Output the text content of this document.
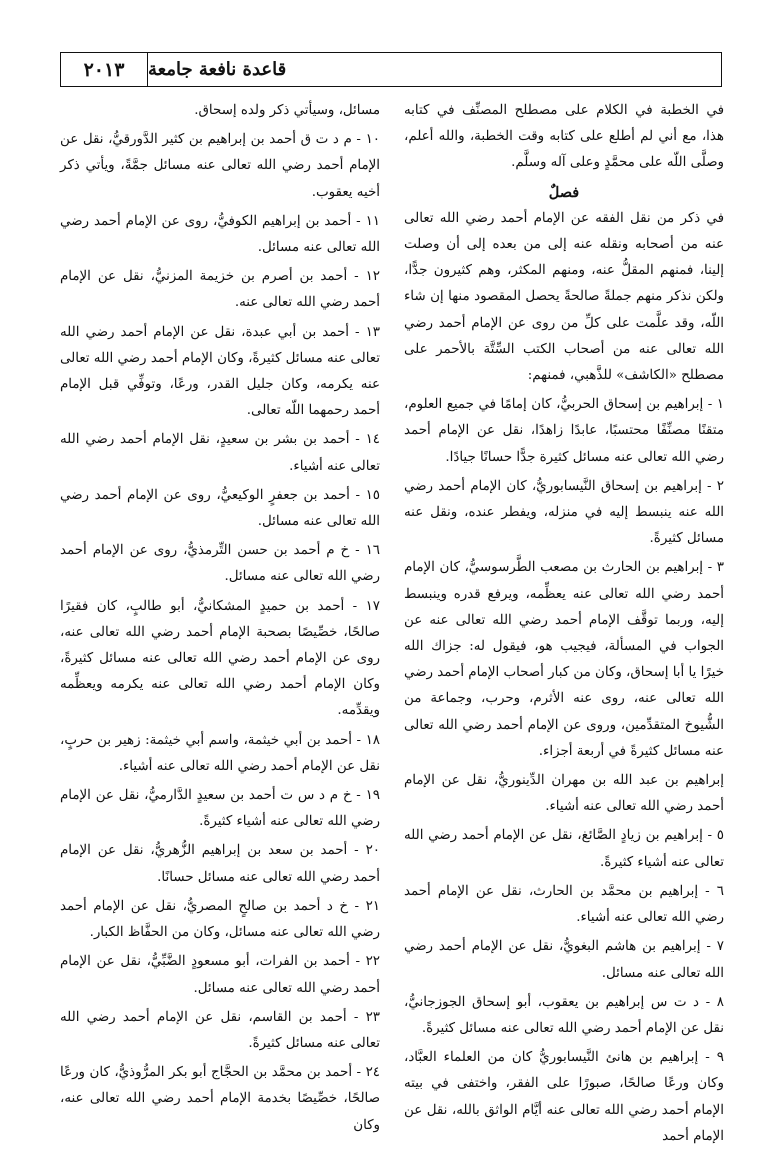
٢٠١٣	قاعدة نافعة جامعة

في الخطبة في الكلام على مصطلح المصنِّف في كتابه هذا، مع أني لم أطلع على كتابه وقت الخطبة، والله أعلم، وصلَّى اللّه على محمَّدٍ وعلى آله وسلَّم.

فصلٌ

في ذكر من نقل الفقه عن الإمام أحمد رضي الله تعالى عنه من أصحابه ونقله عنه إلى من بعده إلى أن وصلت إلينا، فمنهم المقلُّ عنه، ومنهم المكثر، وهم كثيرون جدًّا، ولكن نذكر منهم جملةً صالحةً يحصل المقصود منها إن شاء اللّه، وقد علَّمت على كلِّ من روى عن الإمام أحمد رضي الله تعالى عنه من أصحاب الكتب السِّتَّة بالأحمر على مصطلح «الكاشف» للذَّهبي، فمنهم:

١ - إبراهيم بن إسحاق الحربيُّ، كان إمامًا في جميع العلوم، متقنًا مصنِّفًا محتسبًا، عابدًا زاهدًا، نقل عن الإمام أحمد رضي الله تعالى عنه مسائل كثيرة جدًّا حسانًا جيادًا.

٢ - إبراهيم بن إسحاق النَّيسابوريُّ، كان الإمام أحمد رضي الله عنه ينبسط إليه في منزله، ويفطر عنده، ونقل عنه مسائل كثيرةً.

٣ - إبراهيم بن الحارث بن مصعب الطَّرسوسيُّ، كان الإمام أحمد رضي الله تعالى عنه يعظِّمه، ويرفع قدره وينبسط إليه، وربما توقَّف الإمام أحمد رضي الله تعالى عنه عن الجواب في المسألة، فيجيب هو، فيقول له: جزاك الله خيرًا يا أبا إسحاق، وكان من كبار أصحاب الإمام أحمد رضي الله تعالى عنه، روى عنه الأثرم، وحرب، وجماعة من الشُّيوخ المتقدِّمين، وروى عن الإمام أحمد رضي الله تعالى عنه مسائل كثيرةً في أربعة أجزاء.

إبراهيم بن عبد الله بن مهران الدِّينوريُّ، نقل عن الإمام أحمد رضي الله تعالى عنه أشياء.

٥ - إبراهيم بن زيادٍ الصَّائغ، نقل عن الإمام أحمد رضي الله تعالى عنه أشياء كثيرةً.

٦ - إبراهيم بن محمَّد بن الحارث، نقل عن الإمام أحمد رضي الله تعالى عنه أشياء.

٧ - إبراهيم بن هاشم البغويُّ، نقل عن الإمام أحمد رضي الله تعالى عنه مسائل.

٨ - د ت س إبراهيم بن يعقوب، أبو إسحاق الجوزجانيُّ، نقل عن الإمام أحمد رضي الله تعالى عنه مسائل كثيرةً.

٩ - إبراهيم بن هانئ النَّيسابوريُّ كان من العلماء العبَّاد، وكان ورعًا صالحًا، صبورًا على الفقر، واختفى في بيته الإمام أحمد رضي الله تعالى عنه أيَّام الواثق بالله، نقل عن الإمام أحمد

مسائل، وسيأتي ذكر ولده إسحاق.

١٠ - م د ت ق أحمد بن إبراهيم بن كثير الدَّورقيُّ، نقل عن الإمام أحمد رضي الله تعالى عنه مسائل جمَّةً، ويأتي ذكر أخيه يعقوب.

١١ - أحمد بن إبراهيم الكوفيُّ، روى عن الإمام أحمد رضي الله تعالى عنه مسائل.

١٢ - أحمد بن أصرم بن خزيمة المزنيُّ، نقل عن الإمام أحمد رضي الله تعالى عنه.

١٣ - أحمد بن أبي عبدة، نقل عن الإمام أحمد رضي الله تعالى عنه مسائل كثيرةً، وكان الإمام أحمد رضي الله تعالى عنه يكرمه، وكان جليل القدر، ورعًا، وتوفِّي قبل الإمام أحمد رحمهما اللّه تعالى.

١٤ - أحمد بن بشر بن سعيدٍ، نقل الإمام أحمد رضي الله تعالى عنه أشياء.

١٥ - أحمد بن جعفرٍ الوكيعيُّ، روى عن الإمام أحمد رضي الله تعالى عنه مسائل.

١٦ - خ م أحمد بن حسن التِّرمذيُّ، روى عن الإمام أحمد رضي الله تعالى عنه مسائل.

١٧ - أحمد بن حميدٍ المشكانيُّ، أبو طالبٍ، كان فقيرًا صالحًا، خصِّيصًا بصحبة الإمام أحمد رضي الله تعالى عنه، روى عن الإمام أحمد رضي الله تعالى عنه مسائل كثيرةً، وكان الإمام أحمد رضي الله تعالى عنه يكرمه ويعظِّمه ويقدِّمه.

١٨ - أحمد بن أبي خيثمة، واسم أبي خيثمة: زهير بن حربٍ، نقل عن الإمام أحمد رضي الله تعالى عنه أشياء.

١٩ - خ م د س ت أحمد بن سعيدٍ الدَّارميُّ، نقل عن الإمام رضي الله تعالى عنه أشياء كثيرةً.

٢٠ - أحمد بن سعد بن إبراهيم الزُّهريُّ، نقل عن الإمام أحمد رضي الله تعالى عنه مسائل حسانًا.

٢١ - خ د أحمد بن صالحٍ المصريُّ، نقل عن الإمام أحمد رضي الله تعالى عنه مسائل، وكان من الحفَّاظ الكبار.

٢٢ - أحمد بن الفرات، أبو مسعودٍ الضَّبِّيُّ، نقل عن الإمام أحمد رضي الله تعالى عنه مسائل.

٢٣ - أحمد بن القاسم، نقل عن الإمام أحمد رضي الله تعالى عنه مسائل كثيرةً.

٢٤ - أحمد بن محمَّد بن الحجَّاج أبو بكر المرُّوذيُّ، كان ورعًا صالحًا، خصِّيصًا بخدمة الإمام أحمد رضي الله تعالى عنه، وكان
